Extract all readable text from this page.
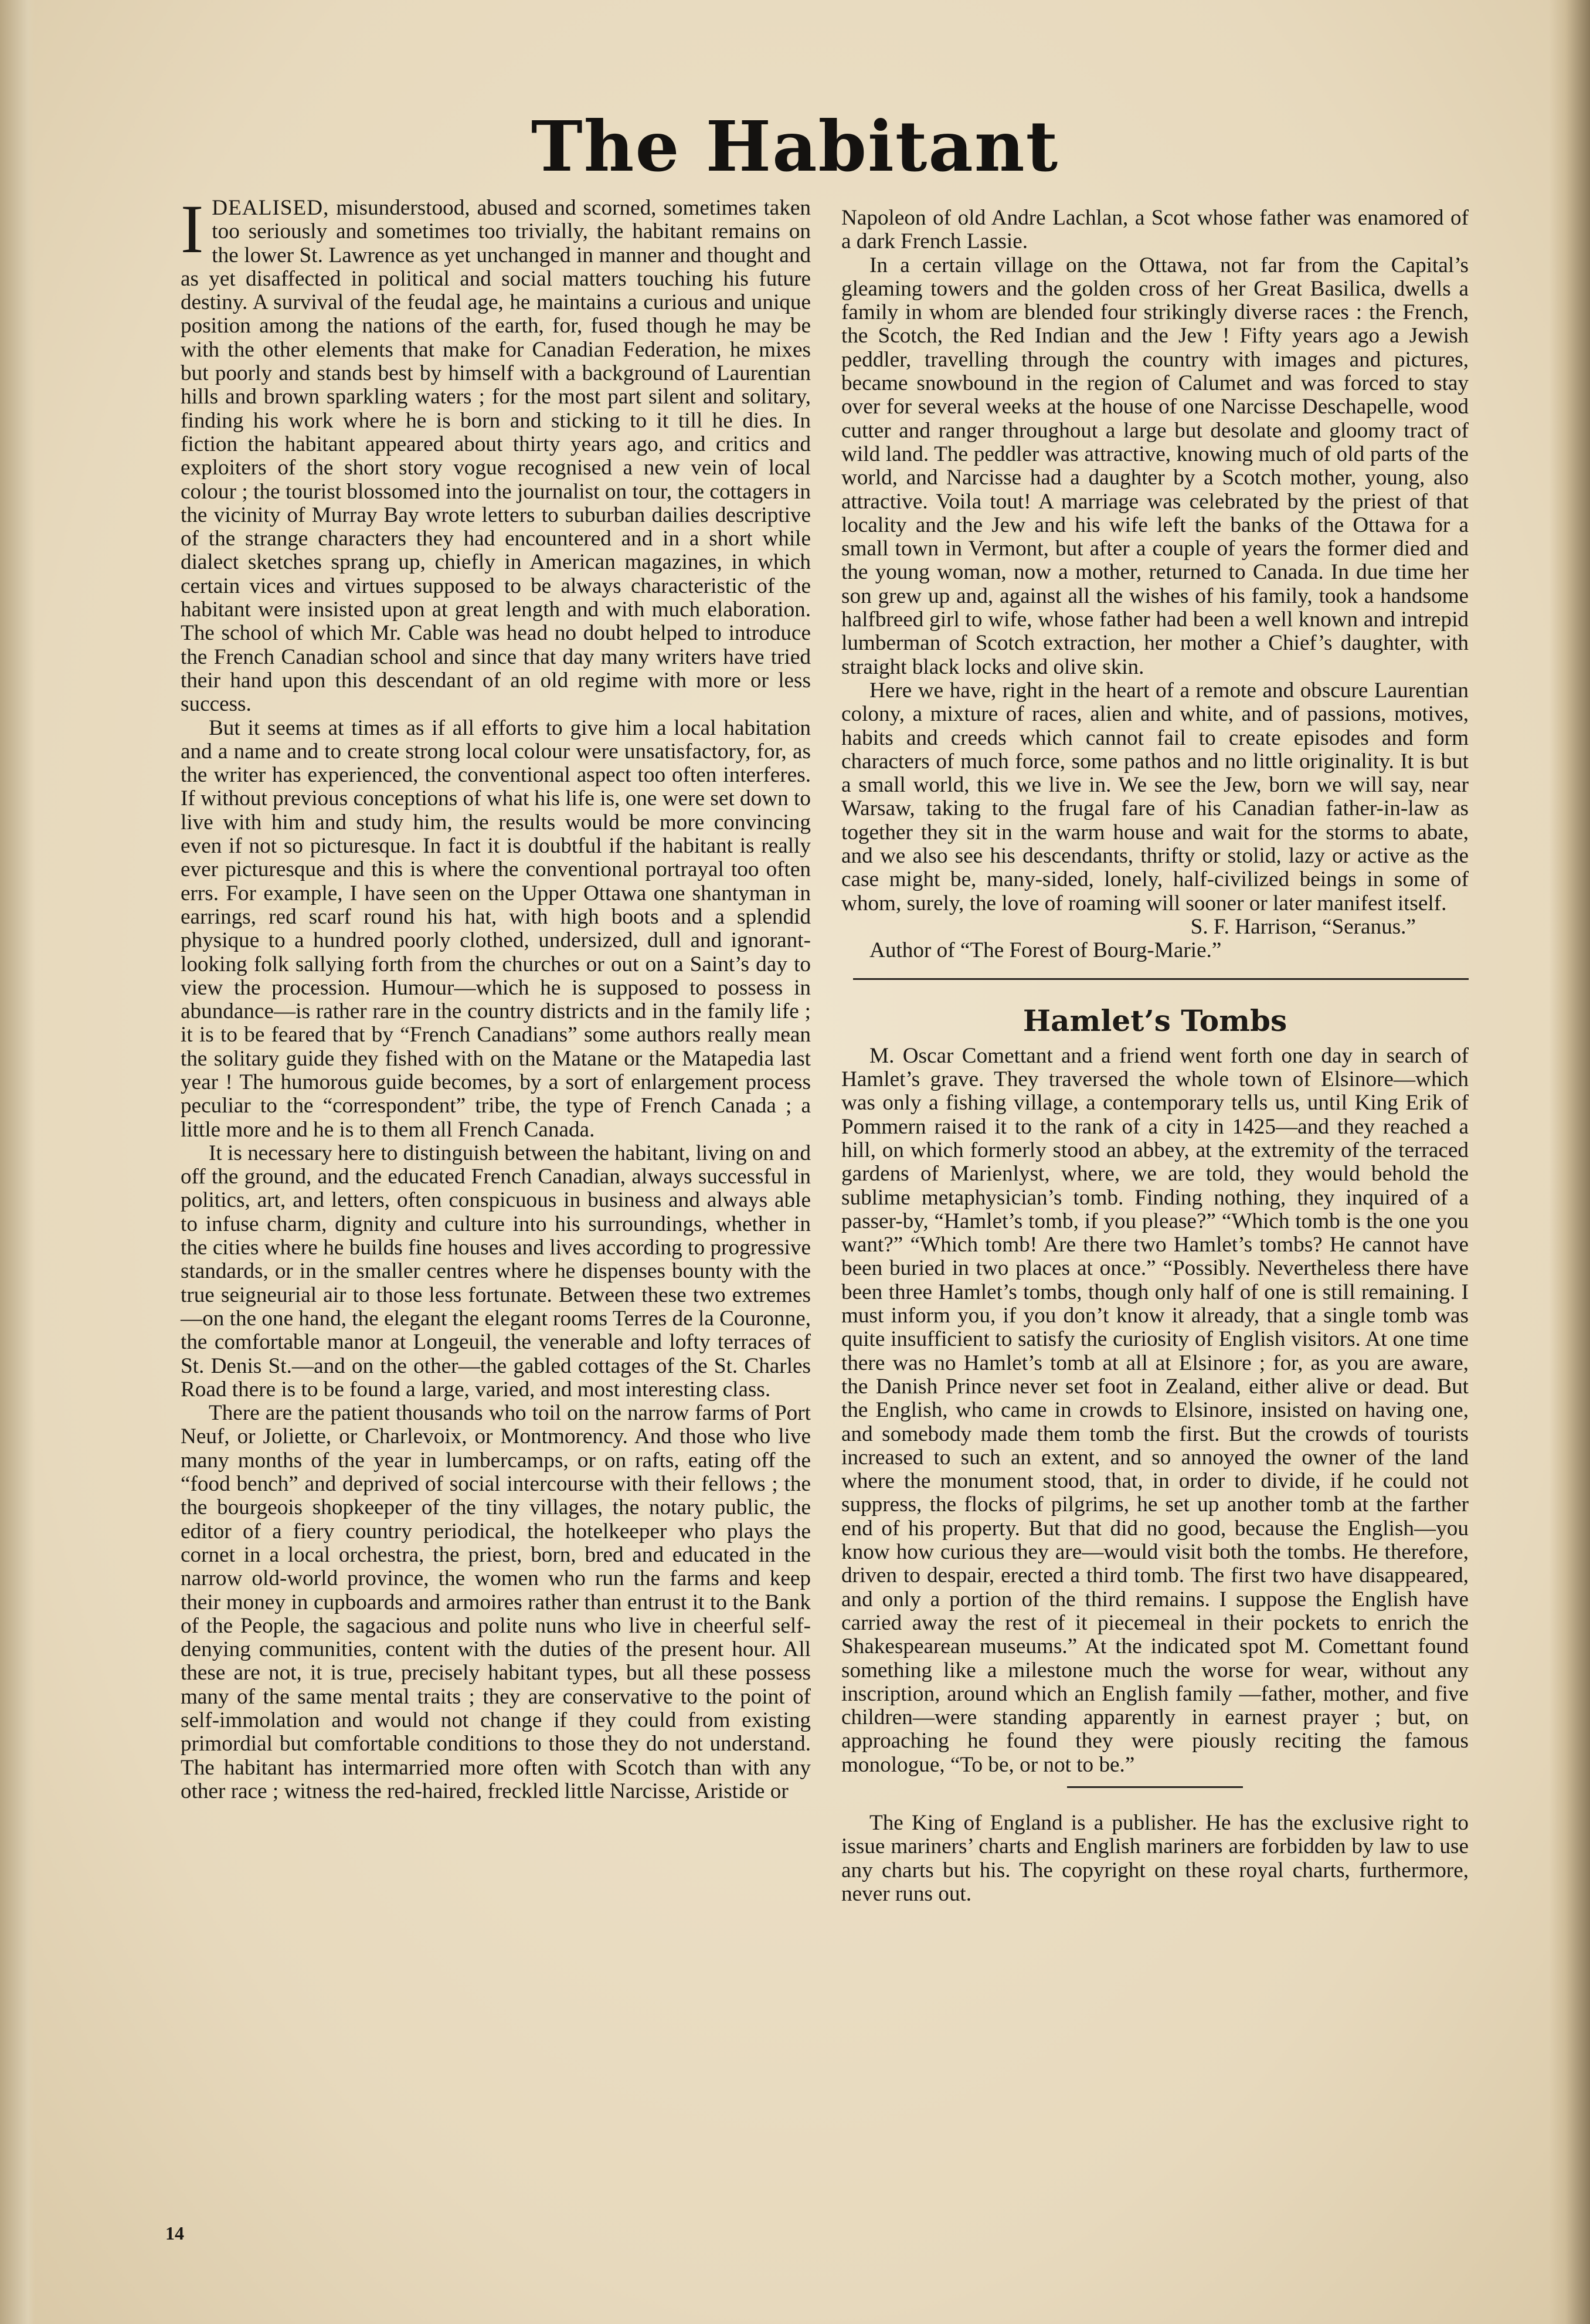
The Habitant

IDEALISED, misunderstood, abused and scorned, sometimes taken too seriously and sometimes too trivially, the habitant remains on the lower St. Lawrence as yet unchanged in manner and thought and as yet disaffected in political and social matters touching his future destiny. A survival of the feudal age, he maintains a curious and unique position among the nations of the earth, for, fused though he may be with the other elements that make for Canadian Federation, he mixes but poorly and stands best by himself with a background of Laurentian hills and brown sparkling waters ; for the most part silent and solitary, finding his work where he is born and sticking to it till he dies. In fiction the habitant appeared about thirty years ago, and critics and exploiters of the short story vogue recognised a new vein of local colour ; the tourist blossomed into the journalist on tour, the cottagers in the vicinity of Murray Bay wrote letters to suburban dailies descriptive of the strange characters they had encountered and in a short while dialect sketches sprang up, chiefly in American magazines, in which certain vices and virtues supposed to be always characteristic of the habitant were insisted upon at great length and with much elaboration. The school of which Mr. Cable was head no doubt helped to introduce the French Canadian school and since that day many writers have tried their hand upon this descendant of an old regime with more or less success.

But it seems at times as if all efforts to give him a local habitation and a name and to create strong local colour were unsatisfactory, for, as the writer has experienced, the conventional aspect too often interferes. If without previous conceptions of what his life is, one were set down to live with him and study him, the results would be more convincing even if not so picturesque. In fact it is doubtful if the habitant is really ever picturesque and this is where the conventional portrayal too often errs. For example, I have seen on the Upper Ottawa one shantyman in earrings, red scarf round his hat, with high boots and a splendid physique to a hundred poorly clothed, undersized, dull and ignorant-looking folk sallying forth from the churches or out on a Saint’s day to view the procession. Humour—which he is supposed to possess in abundance—is rather rare in the country districts and in the family life ; it is to be feared that by “French Canadians” some authors really mean the solitary guide they fished with on the Matane or the Matapedia last year ! The humorous guide becomes, by a sort of enlargement process peculiar to the “correspondent” tribe, the type of French Canada ; a little more and he is to them all French Canada.

It is necessary here to distinguish between the habitant, living on and off the ground, and the educated French Canadian, always successful in politics, art, and letters, often conspicuous in business and always able to infuse charm, dignity and culture into his surroundings, whether in the cities where he builds fine houses and lives according to progressive standards, or in the smaller centres where he dispenses bounty with the true seigneurial air to those less fortunate. Between these two extremes—on the one hand, the elegant the elegant rooms Terres de la Couronne, the comfortable manor at Longeuil, the venerable and lofty terraces of St. Denis St.—and on the other—the gabled cottages of the St. Charles Road there is to be found a large, varied, and most interesting class.

There are the patient thousands who toil on the narrow farms of Port Neuf, or Joliette, or Charlevoix, or Montmorency. And those who live many months of the year in lumbercamps, or on rafts, eating off the “food bench” and deprived of social intercourse with their fellows ; the the bourgeois shopkeeper of the tiny villages, the notary public, the editor of a fiery country periodical, the hotelkeeper who plays the cornet in a local orchestra, the priest, born, bred and educated in the narrow old-world province, the women who run the farms and keep their money in cupboards and armoires rather than entrust it to the Bank of the People, the sagacious and polite nuns who live in cheerful self-denying communities, content with the duties of the present hour. All these are not, it is true, precisely habitant types, but all these possess many of the same mental traits ; they are conservative to the point of self-immolation and would not change if they could from existing primordial but comfortable conditions to those they do not understand. The habitant has intermarried more often with Scotch than with any other race ; witness the red-haired, freckled little Narcisse, Aristide or

Napoleon of old Andre Lachlan, a Scot whose father was enamored of a dark French Lassie.

In a certain village on the Ottawa, not far from the Capital’s gleaming towers and the golden cross of her Great Basilica, dwells a family in whom are blended four strikingly diverse races : the French, the Scotch, the Red Indian and the Jew ! Fifty years ago a Jewish peddler, travelling through the country with images and pictures, became snowbound in the region of Calumet and was forced to stay over for several weeks at the house of one Narcisse Deschapelle, wood cutter and ranger throughout a large but desolate and gloomy tract of wild land. The peddler was attractive, knowing much of old parts of the world, and Narcisse had a daughter by a Scotch mother, young, also attractive. Voila tout! A marriage was celebrated by the priest of that locality and the Jew and his wife left the banks of the Ottawa for a small town in Vermont, but after a couple of years the former died and the young woman, now a mother, returned to Canada. In due time her son grew up and, against all the wishes of his family, took a handsome halfbreed girl to wife, whose father had been a well known and intrepid lumberman of Scotch extraction, her mother a Chief’s daughter, with straight black locks and olive skin.

Here we have, right in the heart of a remote and obscure Laurentian colony, a mixture of races, alien and white, and of passions, motives, habits and creeds which cannot fail to create episodes and form characters of much force, some pathos and no little originality. It is but a small world, this we live in. We see the Jew, born we will say, near Warsaw, taking to the frugal fare of his Canadian father-in-law as together they sit in the warm house and wait for the storms to abate, and we also see his descendants, thrifty or stolid, lazy or active as the case might be, many-sided, lonely, half-civilized beings in some of whom, surely, the love of roaming will sooner or later manifest itself.

S. F. Harrison, “Seranus.”

Author of “The Forest of Bourg-Marie.”

Hamlet’s Tombs

M. Oscar Comettant and a friend went forth one day in search of Hamlet’s grave. They traversed the whole town of Elsinore—which was only a fishing village, a contemporary tells us, until King Erik of Pommern raised it to the rank of a city in 1425—and they reached a hill, on which formerly stood an abbey, at the extremity of the terraced gardens of Marienlyst, where, we are told, they would behold the sublime metaphysician’s tomb. Finding nothing, they inquired of a passer-by, “Hamlet’s tomb, if you please?” “Which tomb is the one you want?” “Which tomb! Are there two Hamlet’s tombs? He cannot have been buried in two places at once.” “Possibly. Nevertheless there have been three Hamlet’s tombs, though only half of one is still remaining. I must inform you, if you don’t know it already, that a single tomb was quite insufficient to satisfy the curiosity of English visitors. At one time there was no Hamlet’s tomb at all at Elsinore ; for, as you are aware, the Danish Prince never set foot in Zealand, either alive or dead. But the English, who came in crowds to Elsinore, insisted on having one, and somebody made them tomb the first. But the crowds of tourists increased to such an extent, and so annoyed the owner of the land where the monument stood, that, in order to divide, if he could not suppress, the flocks of pilgrims, he set up another tomb at the farther end of his property. But that did no good, because the English—you know how curious they are—would visit both the tombs. He therefore, driven to despair, erected a third tomb. The first two have disappeared, and only a portion of the third remains. I suppose the English have carried away the rest of it piecemeal in their pockets to enrich the Shakespearean museums.” At the indicated spot M. Comettant found something like a milestone much the worse for wear, without any inscription, around which an English family —father, mother, and five children—were standing apparently in earnest prayer ; but, on approaching he found they were piously reciting the famous monologue, “To be, or not to be.”

The King of England is a publisher. He has the exclusive right to issue mariners’ charts and English mariners are forbidden by law to use any charts but his. The copyright on these royal charts, furthermore, never runs out.

14
